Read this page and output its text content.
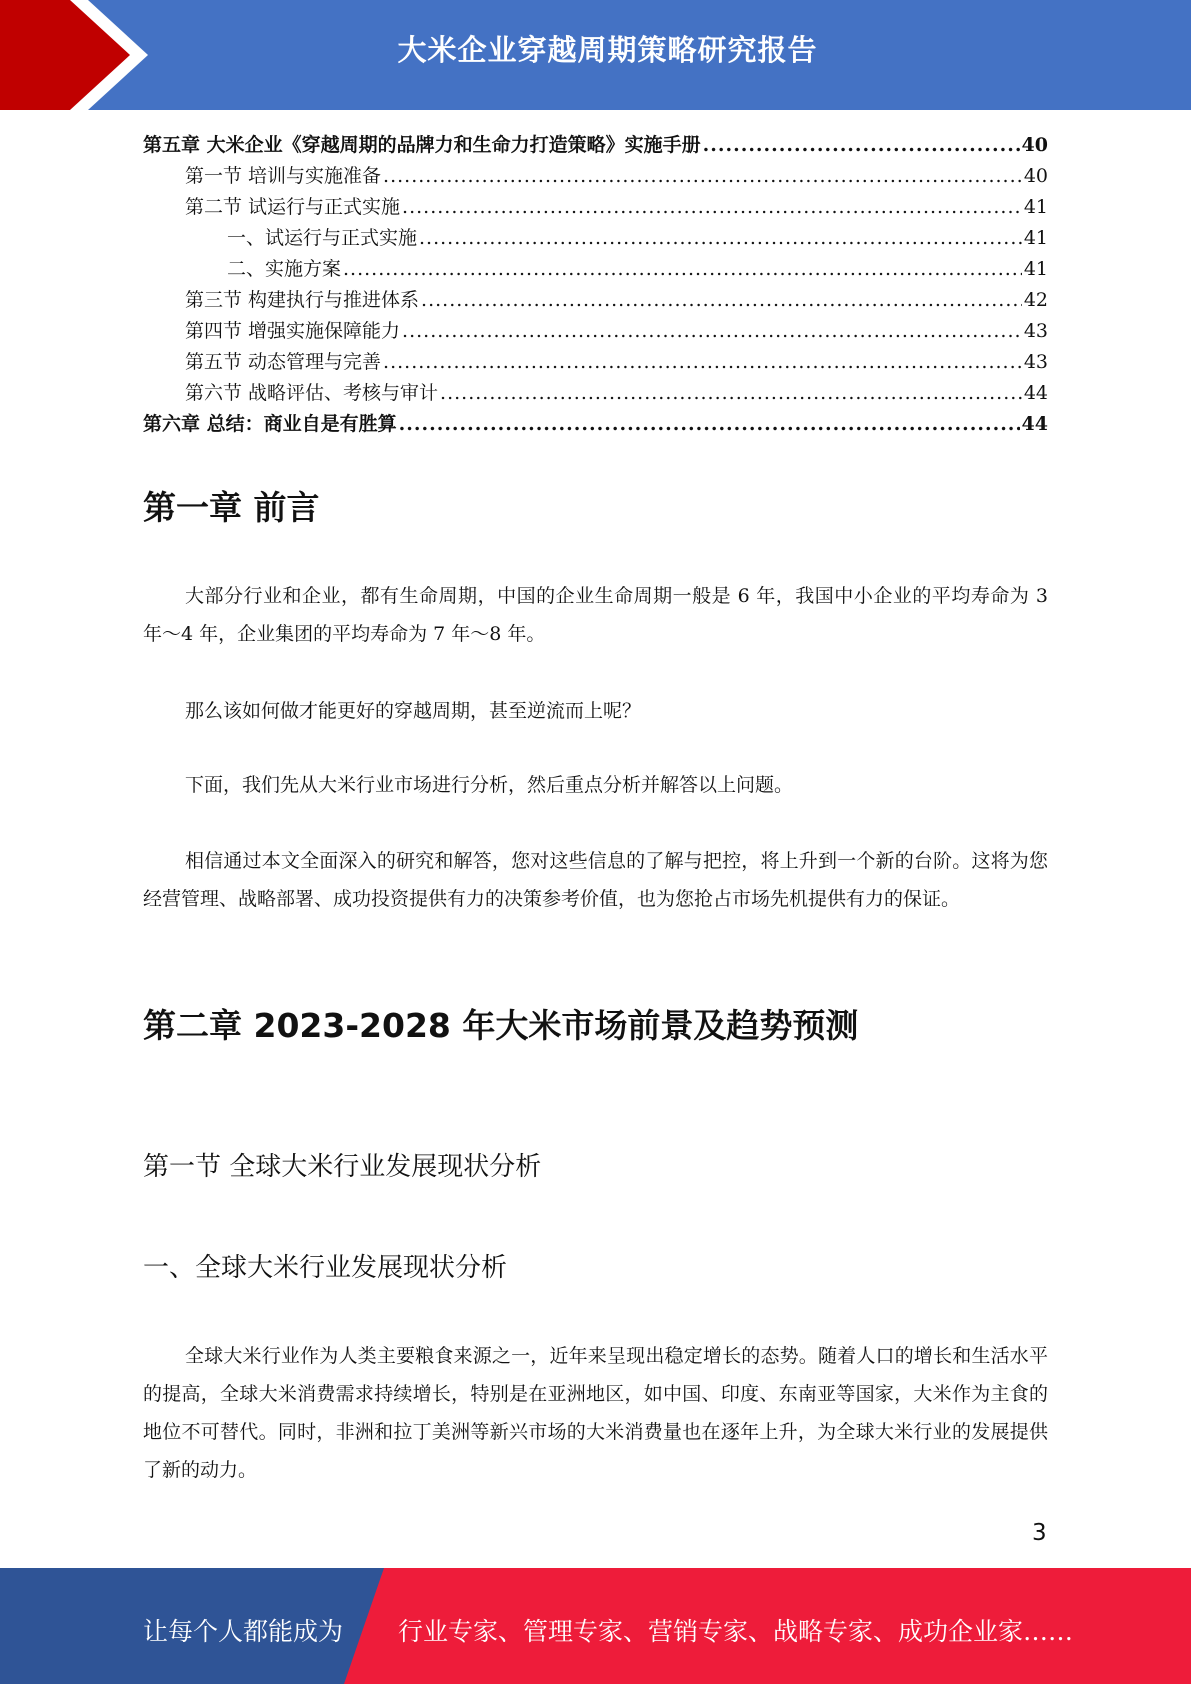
大米企业穿越周期策略研究报告
第五章 大米企业《穿越周期的品牌力和生命力打造策略》实施手册 .....	40
第一节 培训与实施准备 .....	40
第二节 试运行与正式实施 .....	41
一、试运行与正式实施 .....	41
二、实施方案 .....	41
第三节 构建执行与推进体系 .....	42
第四节 增强实施保障能力 .....	43
第五节 动态管理与完善 .....	43
第六节 战略评估、考核与审计 .....	44
第六章 总结：商业自是有胜算 .....	44
第一章 前言

大部分行业和企业，都有生命周期，中国的企业生命周期一般是 6 年，我国中小企业的平均寿命为 3 年～4 年，企业集团的平均寿命为 7 年～8 年。

那么该如何做才能更好的穿越周期，甚至逆流而上呢？

下面，我们先从大米行业市场进行分析，然后重点分析并解答以上问题。

相信通过本文全面深入的研究和解答，您对这些信息的了解与把控，将上升到一个新的台阶。这将为您经营管理、战略部署、成功投资提供有力的决策参考价值，也为您抢占市场先机提供有力的保证。

第二章 2023-2028 年大米市场前景及趋势预测
第一节 全球大米行业发展现状分析
一、全球大米行业发展现状分析

全球大米行业作为人类主要粮食来源之一，近年来呈现出稳定增长的态势。随着人口的增长和生活水平的提高，全球大米消费需求持续增长，特别是在亚洲地区，如中国、印度、东南亚等国家，大米作为主食的地位不可替代。同时，非洲和拉丁美洲等新兴市场的大米消费量也在逐年上升，为全球大米行业的发展提供了新的动力。

3
让每个人都能成为 行业专家、管理专家、营销专家、战略专家、成功企业家……
